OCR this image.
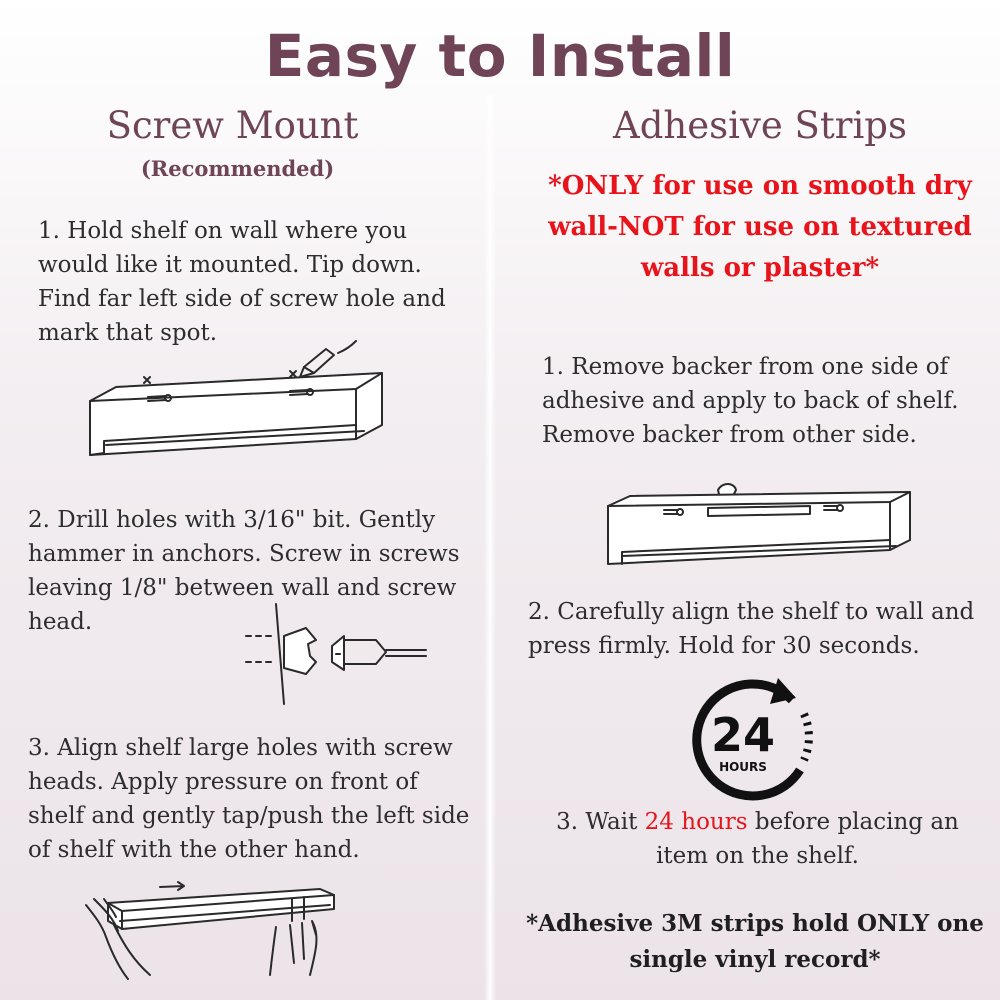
Easy to Install
Screw Mount
(Recommended)
1. Hold shelf on wall where you would like it mounted. Tip down. Find far left side of screw hole and mark that spot.
2. Drill holes with 3/16" bit. Gently hammer in anchors. Screw in screws leaving 1/8" between wall and screw head.
3. Align shelf large holes with screw heads. Apply pressure on front of shelf and gently tap/push the left side of shelf with the other hand.
Adhesive Strips
*ONLY for use on smooth dry wall-NOT for use on textured walls or plaster*
1. Remove backer from one side of adhesive and apply to back of shelf. Remove backer from other side.
2. Carefully align the shelf to wall and press firmly. Hold for 30 seconds.
24
HOURS
3. Wait 24 hours before placing an item on the shelf.
*Adhesive 3M strips hold ONLY one single vinyl record*
